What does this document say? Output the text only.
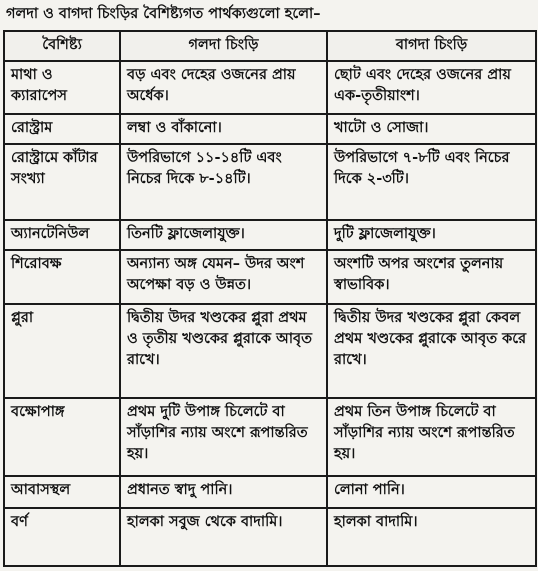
গলদা ও বাগদা চিংড়ির বৈশিষ্ট্যগত পার্থক্যগুলো হলো–
বৈশিষ্ট্য	গলদা চিংড়ি	বাগদা চিংড়ি
মাথা ও ক্যারাপেস	বড় এবং দেহের ওজনের প্রায় অর্ধেক।	ছোট এবং দেহের ওজনের প্রায় এক-তৃতীয়াংশ।
রোস্ট্রাম	লম্বা ও বাঁকানো।	খাটো ও সোজা।
রোস্ট্রামে কাঁটার সংখ্যা	উপরিভাগে ১১-১৪টি এবং নিচের দিকে ৮-১৪টি।	উপরিভাগে ৭-৮টি এবং নিচের দিকে ২-৩টি।
অ্যানটেনিউল	তিনটি ফ্লাজেলাযুক্ত।	দুটি ফ্লাজেলাযুক্ত।
শিরোবক্ষ	অন্যান্য অঙ্গ যেমন– উদর অংশ অপেক্ষা বড় ও উন্নত।	অংশটি অপর অংশের তুলনায় স্বাভাবিক।
প্লুরা	দ্বিতীয় উদর খণ্ডকের প্লুরা প্রথম ও তৃতীয় খণ্ডকের প্লুরাকে আবৃত রাখে।	দ্বিতীয় উদর খণ্ডকের প্লুরা কেবল প্রথম খণ্ডকের প্লুরাকে আবৃত করে রাখে।
বক্ষোপাঙ্গ	প্রথম দুটি উপাঙ্গ চিলেটে বা সাঁড়াশির ন্যায় অংশে রূপান্তরিত হয়।	প্রথম তিন উপাঙ্গ চিলেটে বা সাঁড়াশির ন্যায় অংশে রূপান্তরিত হয়।
আবাসস্থল	প্রধানত স্বাদু পানি।	লোনা পানি।
বর্ণ	হালকা সবুজ থেকে বাদামি।	হালকা বাদামি।
